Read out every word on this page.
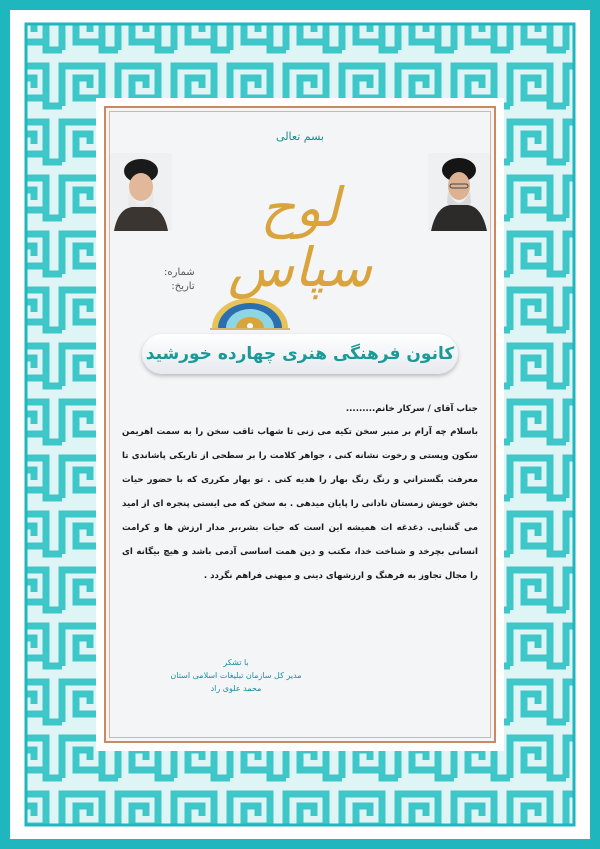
بسم تعالی
لوح سپاس
شماره:
تاریخ:
کانون فرهنگی هنری چهارده خورشید
جناب آقای / سرکار خانم.........
باسلام چه آرام بر منبر سخن تکیه می زنی تا شهاب ثاقب سخن را به سمت اهریمن سکون وپستی و رخوت نشانه کنی ، جواهر کلامت را بر سطحی از تاریکی پاشاندی تا معرفت بگستراني و رنگ رنگ بهار را هدیه کنی . تو بهار مکرری که با حضور حیات بخش خویش زمستان نادانی را پایان میدهی . به سخن که می ایستی پنجره ای از امید می گشایی. دغدغه ات همیشه این است که حیات بشر،بر مدار ارزش ها و کرامت انسانی بچرخد و شناخت خدا، مکتب و دین همت اساسی آدمی باشد و هیچ بیگانه ای را مجال تجاوز به فرهنگ و ارزشهای دینی و میهنی فراهم نگردد .
با تشکر
مدیر کل سازمان تبلیغات اسلامی استان
محمد علوی راد
